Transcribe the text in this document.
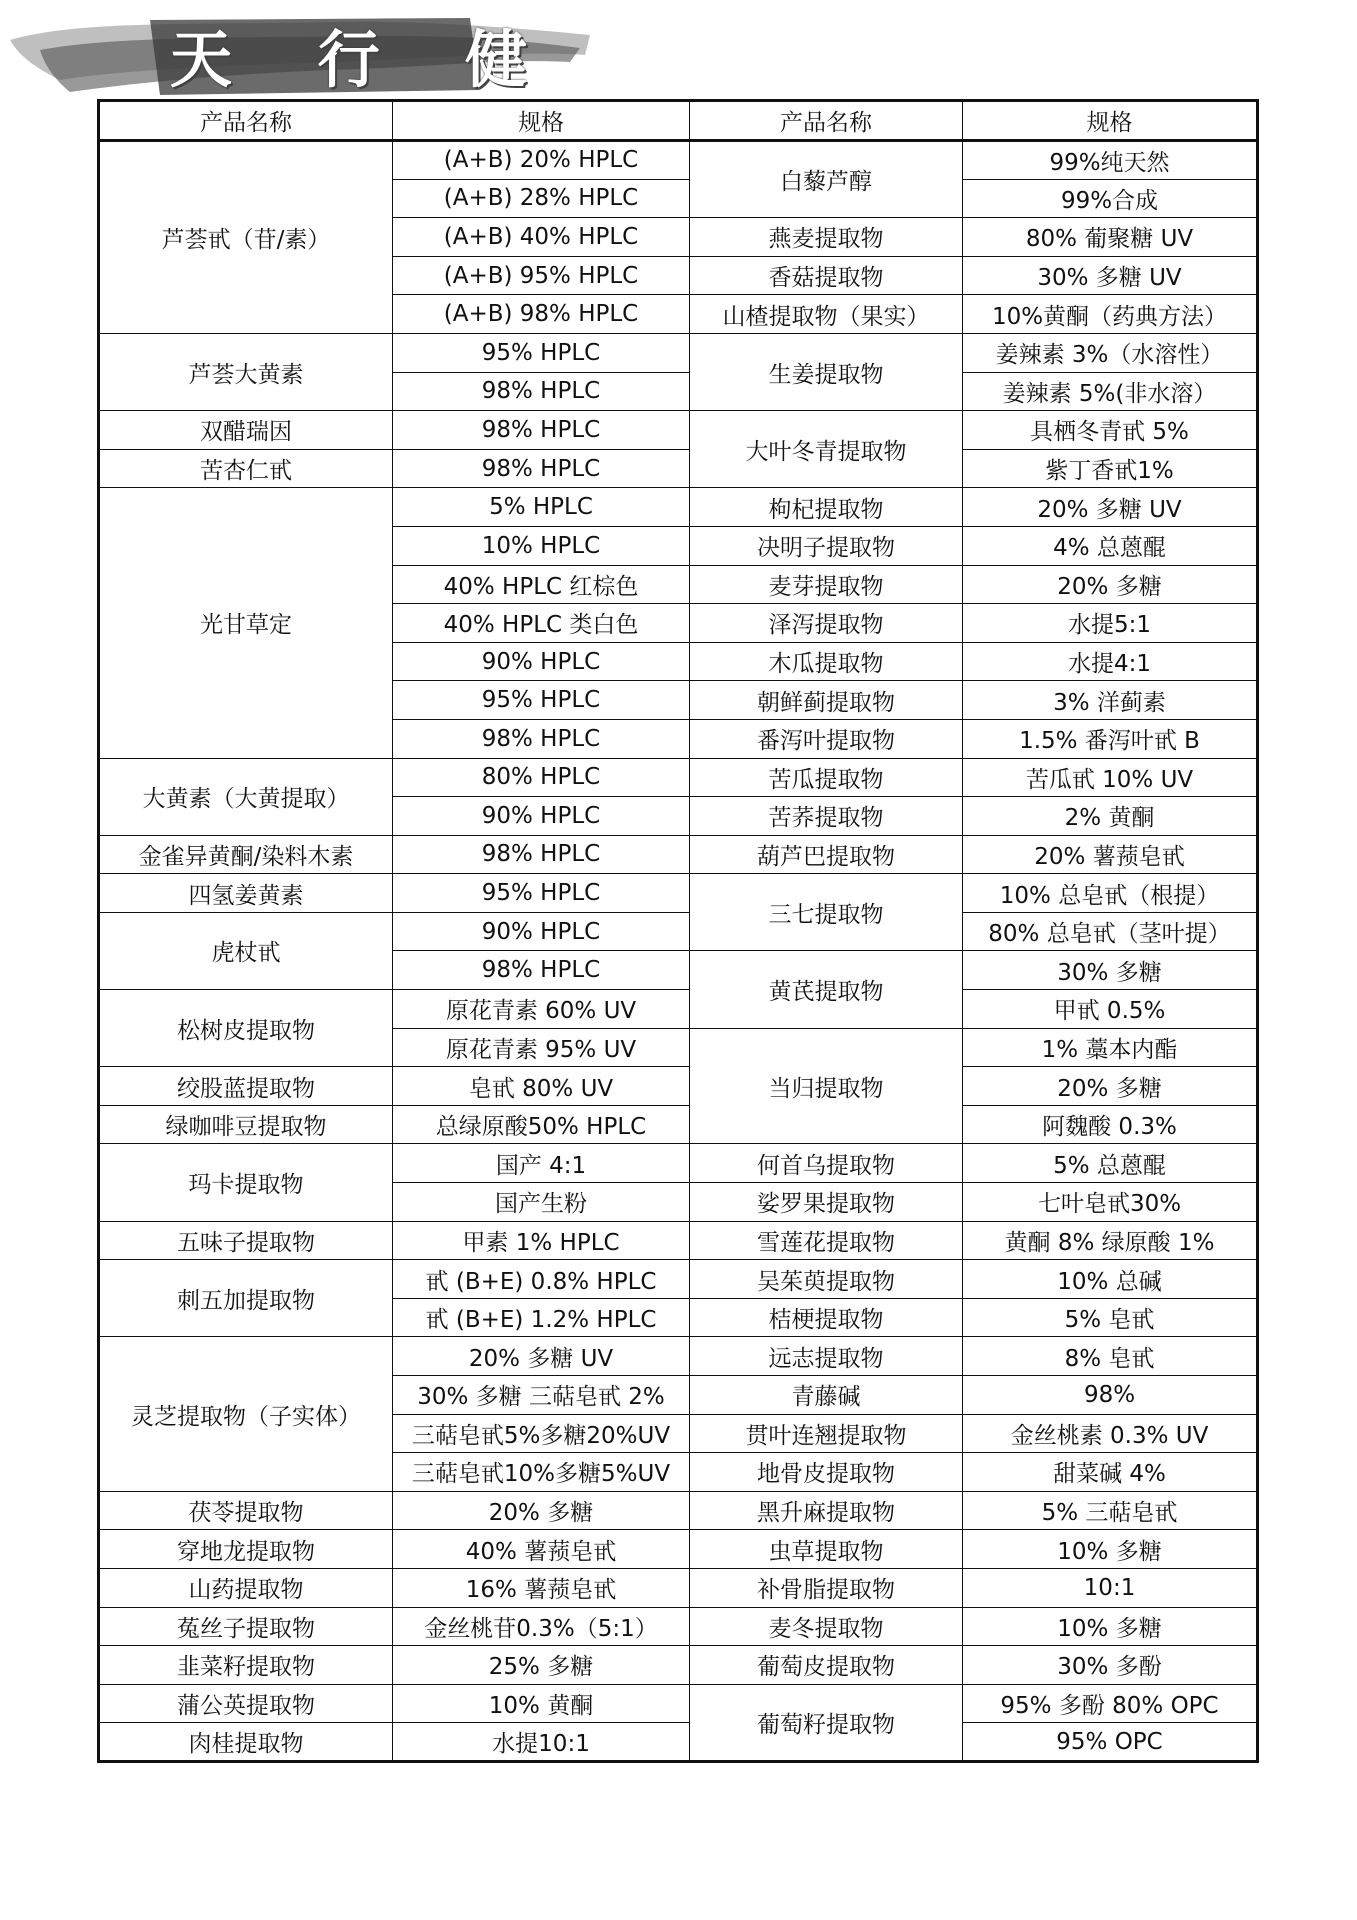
天 行 健
产品名称	规格	产品名称	规格
芦荟甙（苷/素）	(A+B) 20% HPLC	白藜芦醇	99%纯天然
	(A+B) 28% HPLC		99%合成
	(A+B) 40% HPLC	燕麦提取物	80% 葡聚糖 UV
	(A+B) 95% HPLC	香菇提取物	30% 多糖 UV
	(A+B) 98% HPLC	山楂提取物（果实）	10%黄酮（药典方法）
芦荟大黄素	95% HPLC	生姜提取物	姜辣素 3%（水溶性）
	98% HPLC		姜辣素 5%(非水溶）
双醋瑞因	98% HPLC	大叶冬青提取物	具栖冬青甙 5%
苦杏仁甙	98% HPLC		紫丁香甙1%
光甘草定	5% HPLC	枸杞提取物	20% 多糖 UV
	10% HPLC	决明子提取物	4% 总蒽醌
	40% HPLC 红棕色	麦芽提取物	20% 多糖
	40% HPLC 类白色	泽泻提取物	水提5:1
	90% HPLC	木瓜提取物	水提4:1
	95% HPLC	朝鲜蓟提取物	3% 洋蓟素
	98% HPLC	番泻叶提取物	1.5% 番泻叶甙 B
大黄素（大黄提取）	80% HPLC	苦瓜提取物	苦瓜甙 10% UV
	90% HPLC	苦荞提取物	2% 黄酮
金雀异黄酮/染料木素	98% HPLC	葫芦巴提取物	20% 薯蓣皂甙
四氢姜黄素	95% HPLC	三七提取物	10% 总皂甙（根提）
虎杖甙	90% HPLC		80% 总皂甙（茎叶提）
	98% HPLC	黄芪提取物	30% 多糖
松树皮提取物	原花青素 60% UV		甲甙 0.5%
	原花青素 95% UV	当归提取物	1% 藁本内酯
绞股蓝提取物	皂甙 80% UV		20% 多糖
绿咖啡豆提取物	总绿原酸50% HPLC		阿魏酸 0.3%
玛卡提取物	国产 4:1	何首乌提取物	5% 总蒽醌
	国产生粉	娑罗果提取物	七叶皂甙30%
五味子提取物	甲素 1% HPLC	雪莲花提取物	黄酮 8% 绿原酸 1%
刺五加提取物	甙 (B+E) 0.8% HPLC	吴茱萸提取物	10% 总碱
	甙 (B+E) 1.2% HPLC	桔梗提取物	5% 皂甙
灵芝提取物（子实体）	20% 多糖 UV	远志提取物	8% 皂甙
	30% 多糖 三萜皂甙 2%	青藤碱	98%
	三萜皂甙5%多糖20%UV	贯叶连翘提取物	金丝桃素 0.3% UV
	三萜皂甙10%多糖5%UV	地骨皮提取物	甜菜碱 4%
茯苓提取物	20% 多糖	黑升麻提取物	5% 三萜皂甙
穿地龙提取物	40% 薯蓣皂甙	虫草提取物	10% 多糖
山药提取物	16% 薯蓣皂甙	补骨脂提取物	10:1
菟丝子提取物	金丝桃苷0.3%（5:1）	麦冬提取物	10% 多糖
韭菜籽提取物	25% 多糖	葡萄皮提取物	30% 多酚
蒲公英提取物	10% 黄酮	葡萄籽提取物	95% 多酚 80% OPC
肉桂提取物	水提10:1		95% OPC
